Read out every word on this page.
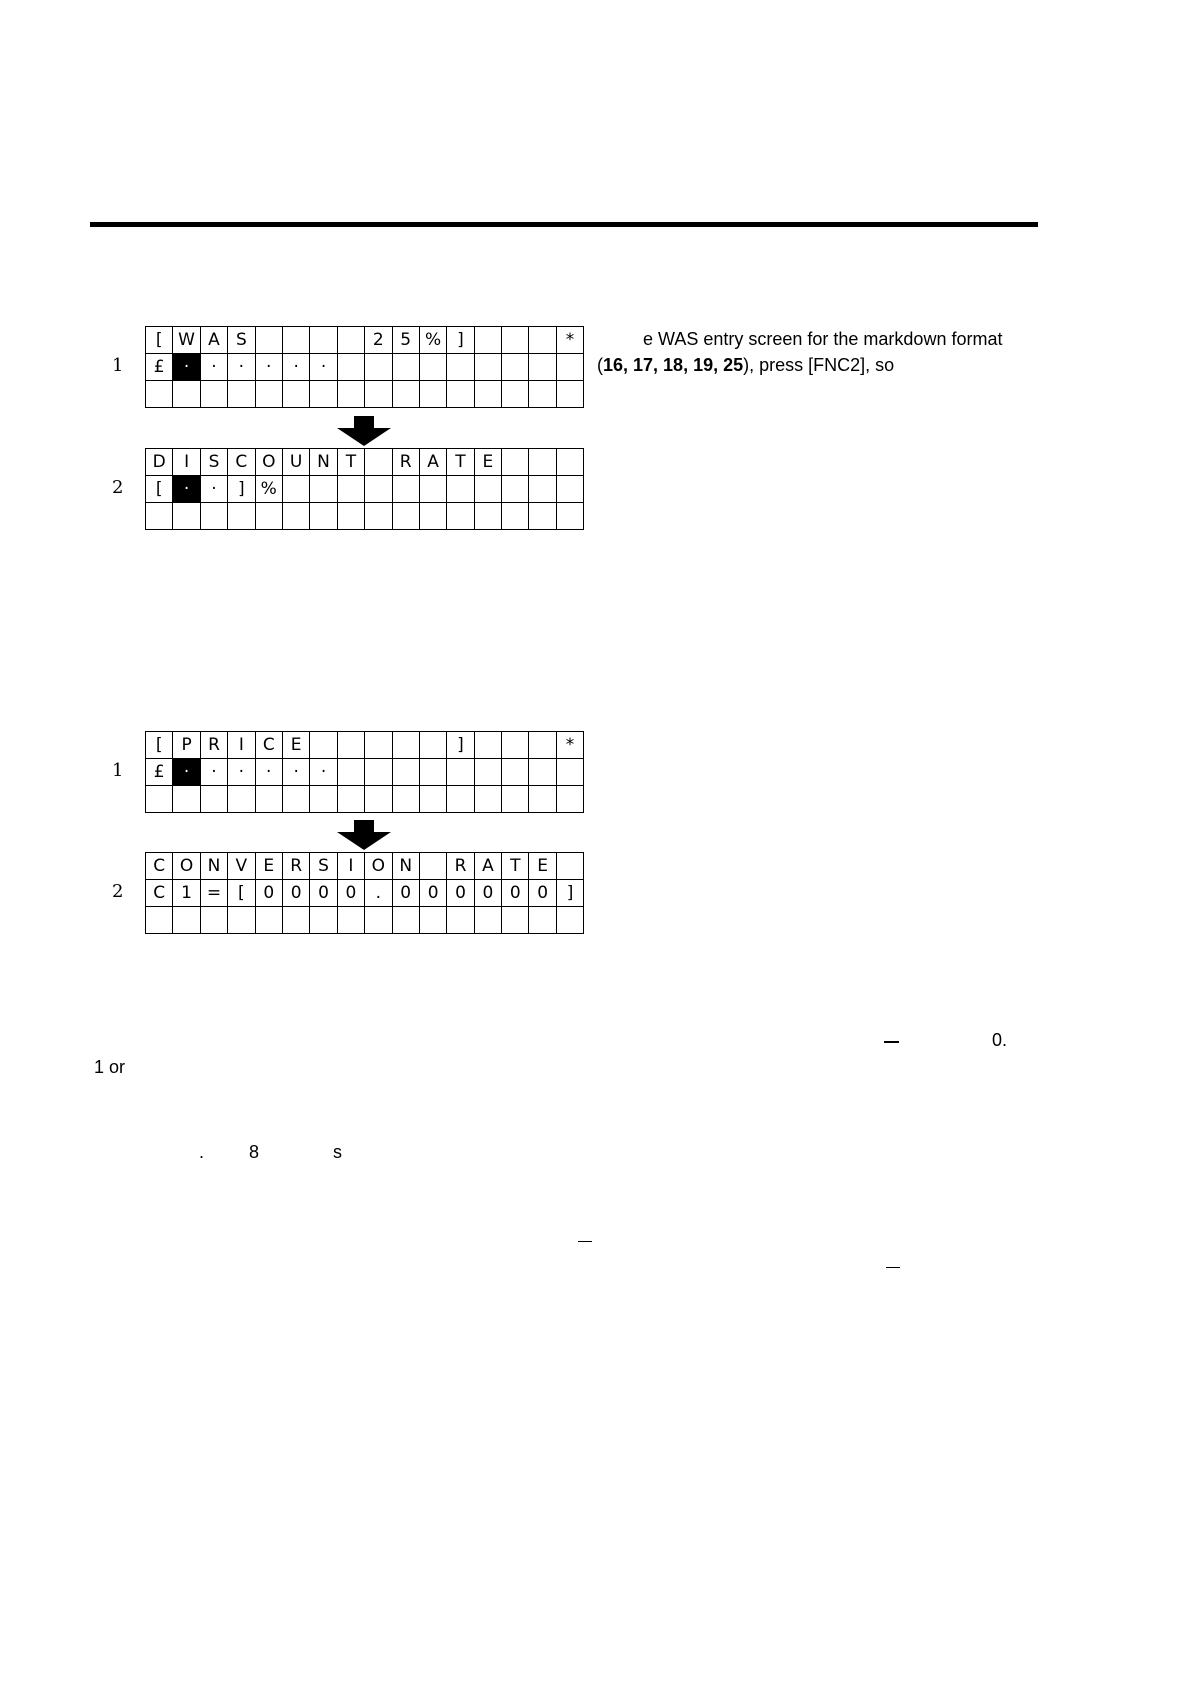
1
[ W A S	2 5 % ]	*
£	·	·	·	·	·	·
2
D	I	S C O U N T	R A T E
[	·	·	] %
1
[	P R	I	C E	]	*
£	·	·	·	·	·	·
2
C O N V E R S	I	O N	R A T E
C 1 = [	0 0 0 0	.	0 0 0 0 0 0	]
e WAS entry screen for the markdown format
(16, 17, 18, 19, 25), press [FNC2], so
0.
1 or
. 8	s
